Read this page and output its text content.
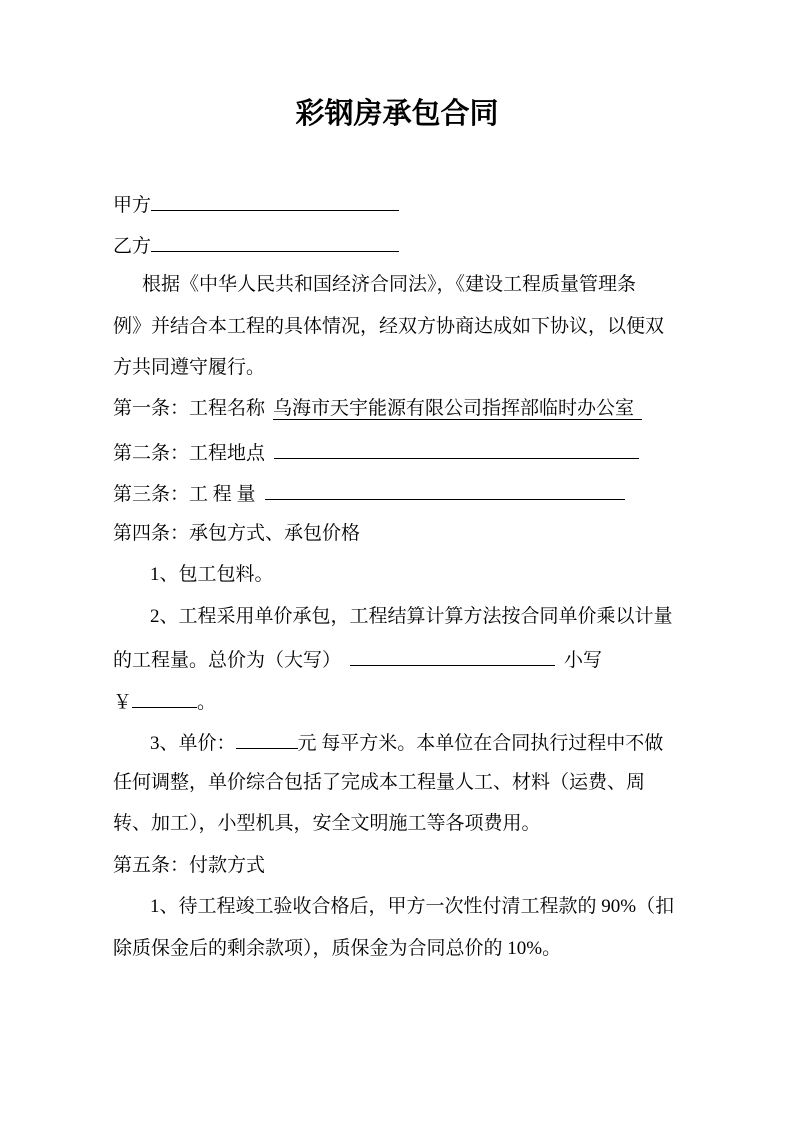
彩钢房承包合同
甲方
乙方
根据《中华人民共和国经济合同法》，《建设工程质量管理条
例》并结合本工程的具体情况，经双方协商达成如下协议，以便双
方共同遵守履行。
第一条：工程名称 乌海市天宇能源有限公司指挥部临时办公室
第二条：工程地点
第三条：工 程 量
第四条：承包方式、承包价格
1、包工包料。
2、工程采用单价承包，工程结算计算方法按合同单价乘以计量
的工程量。总价为（大写）	小写
￥	。
3、单价：	元 每平方米。本单位在合同执行过程中不做
任何调整，单价综合包括了完成本工程量人工、材料（运费、周
转、加工），小型机具，安全文明施工等各项费用。
第五条：付款方式
1、待工程竣工验收合格后，甲方一次性付清工程款的 90%（扣
除质保金后的剩余款项），质保金为合同总价的 10%。
